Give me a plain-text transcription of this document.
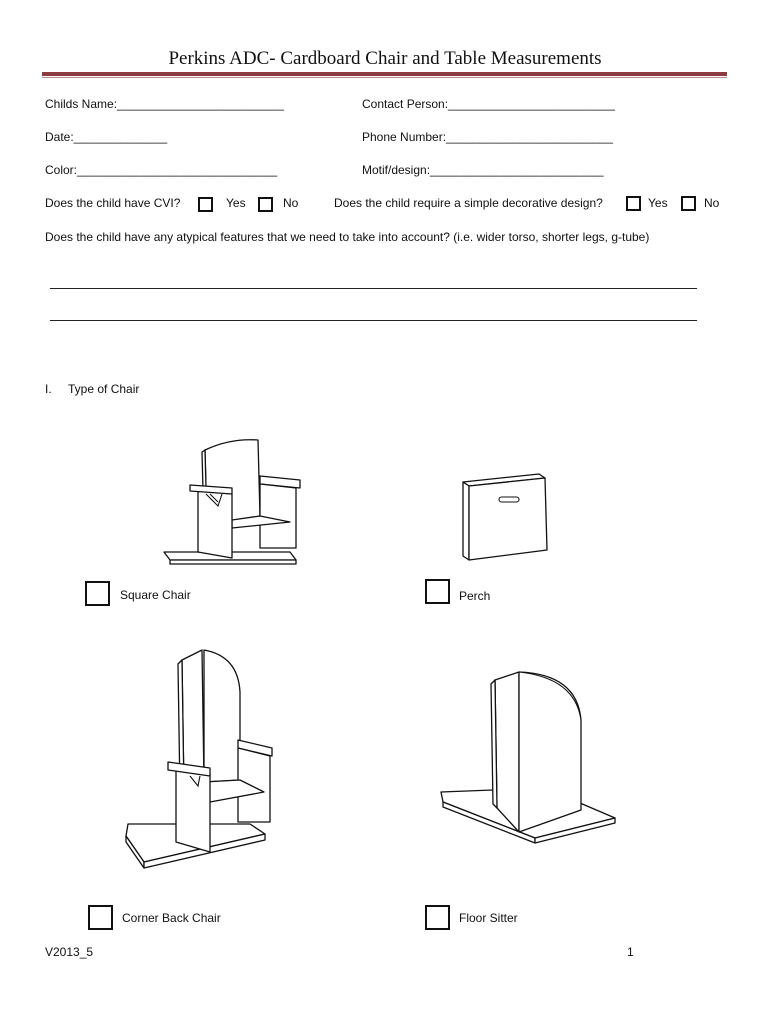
Perkins ADC- Cardboard Chair and Table Measurements
Childs Name:_________________________	Contact Person:_________________________
Date:______________	Phone Number:_________________________
Color:______________________________	Motif/design:__________________________
Does the child have CVI?	Yes	No	Does the child require a simple decorative design?	Yes	No
Does the child have any atypical features that we need to take into account? (i.e. wider torso, shorter legs, g-tube)
I. Type of Chair
Square Chair	Perch
Corner Back Chair	Floor Sitter
V2013_5	1
